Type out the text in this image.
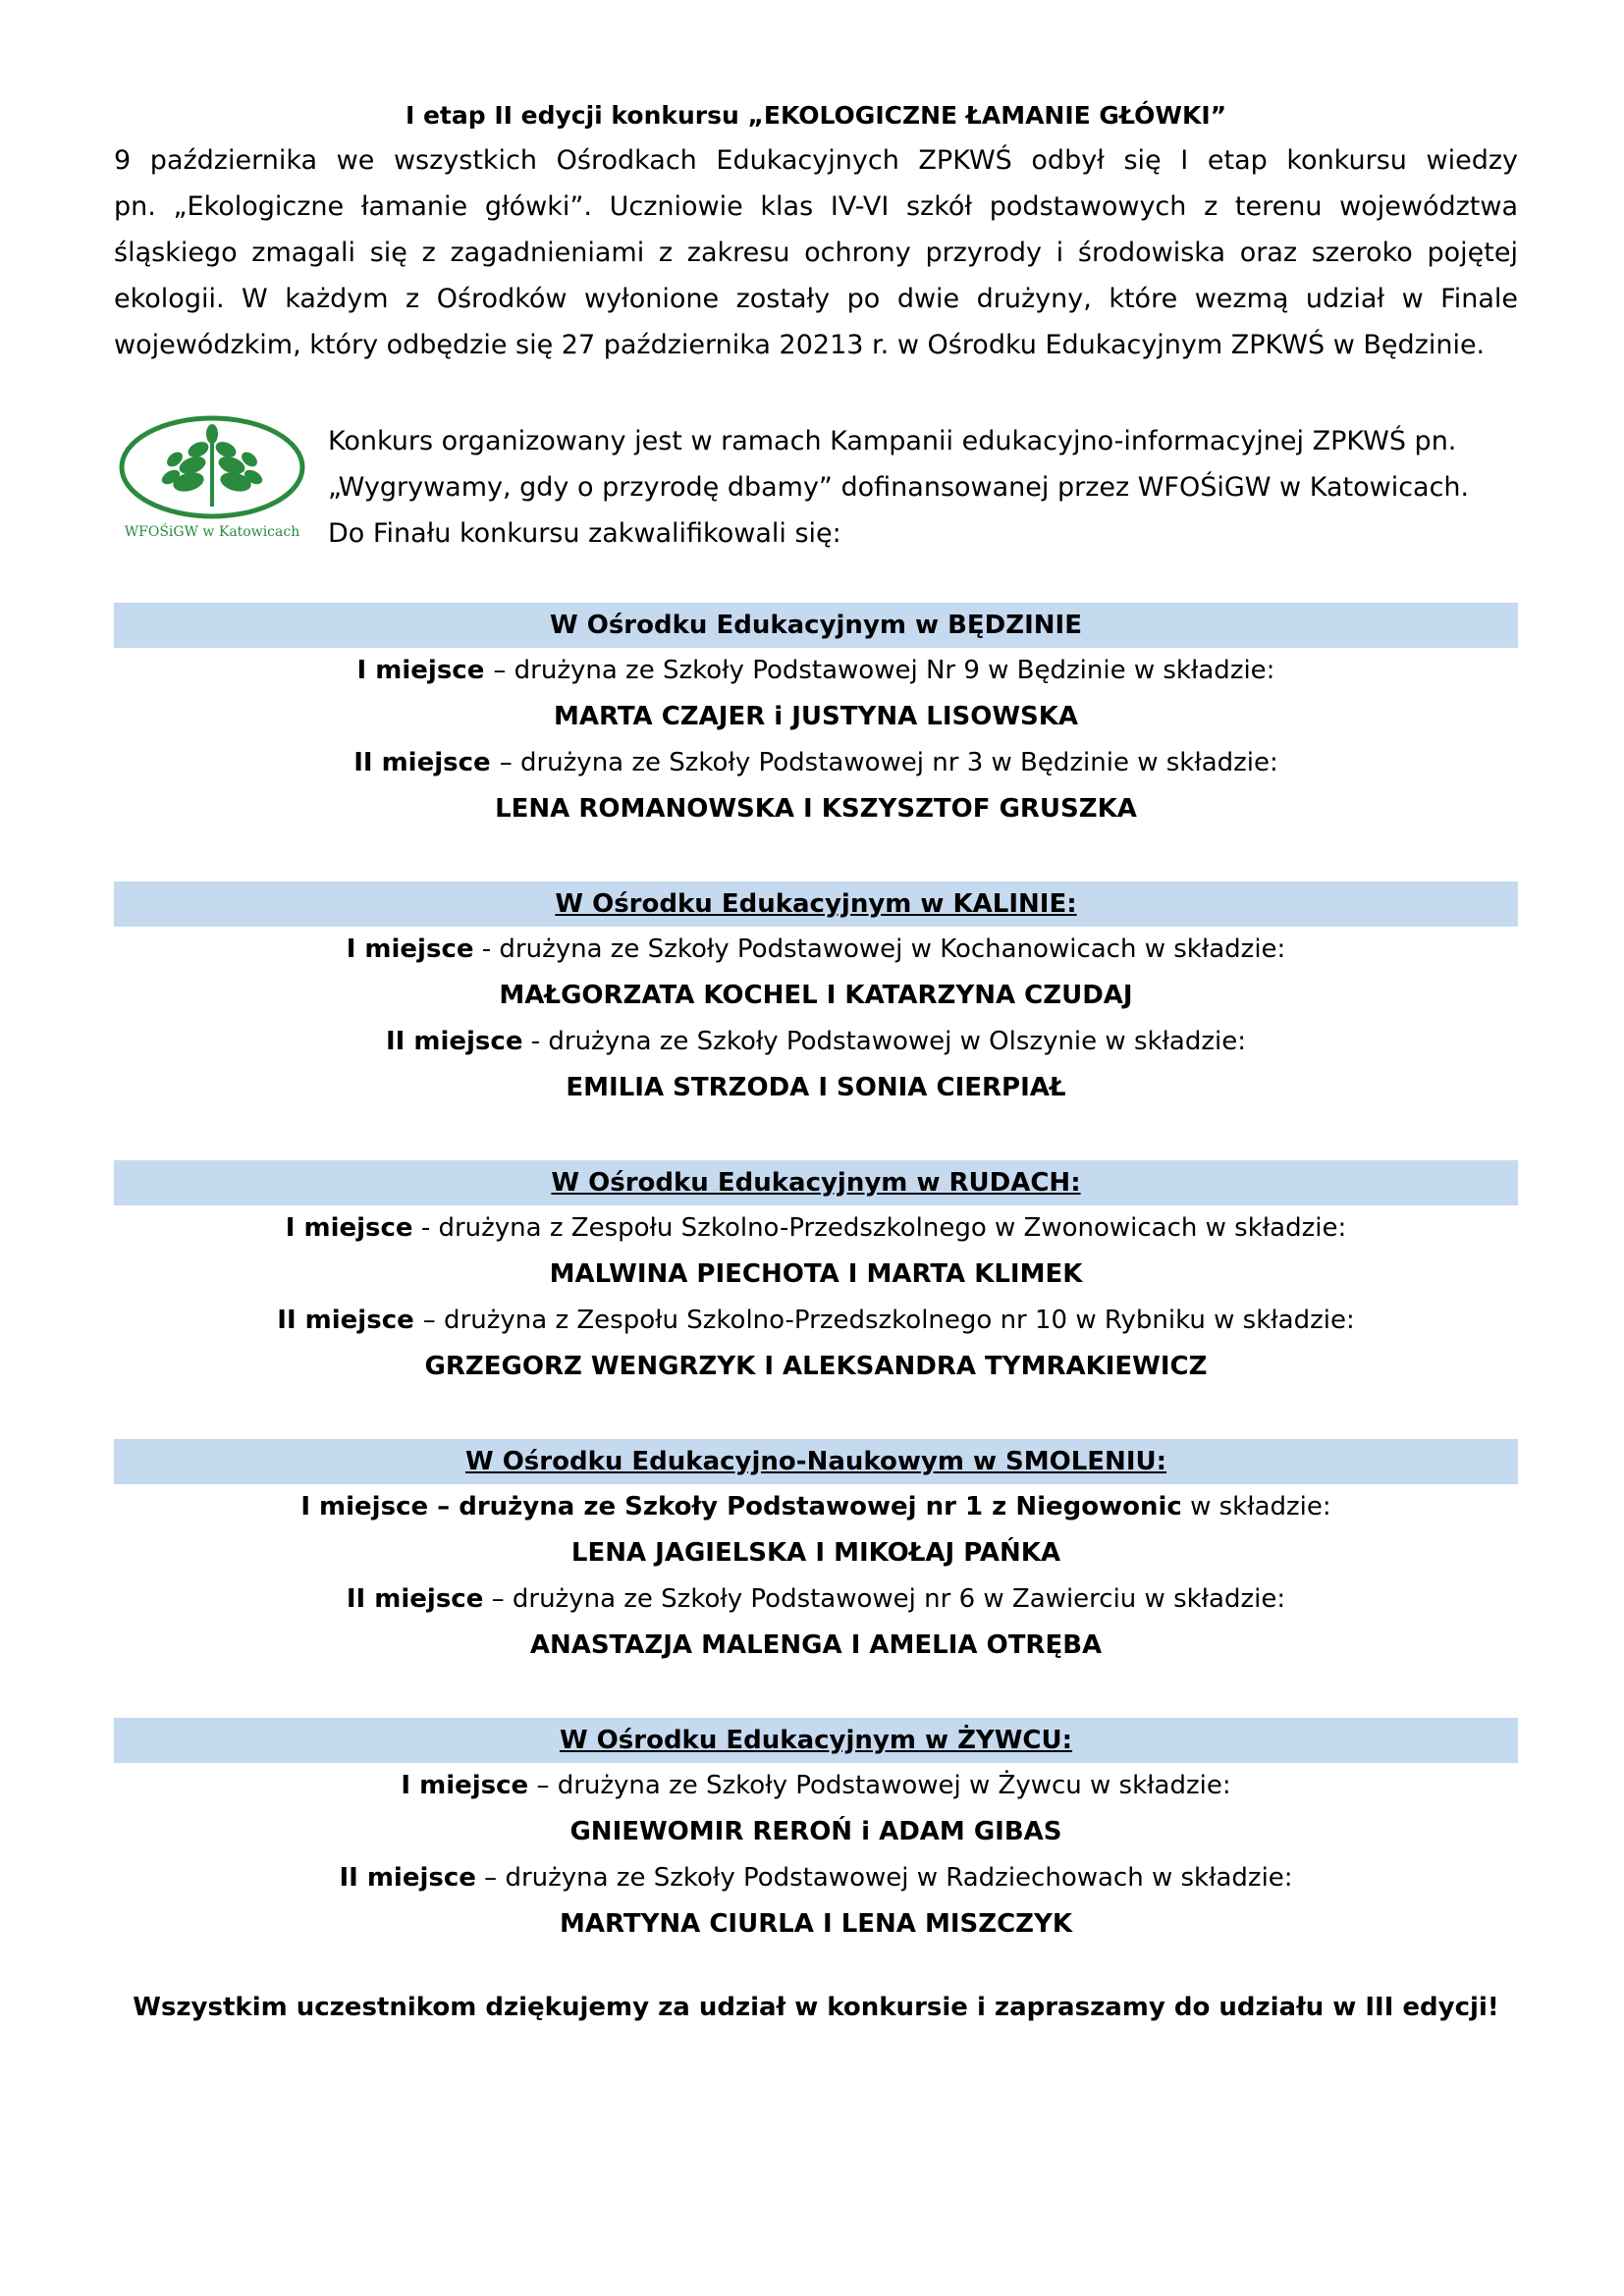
I etap II edycji konkursu „EKOLOGICZNE ŁAMANIE GŁÓWKI”
9 października we wszystkich Ośrodkach Edukacyjnych ZPKWŚ odbył się I etap konkursu wiedzy
pn. „Ekologiczne łamanie główki”. Uczniowie klas IV-VI szkół podstawowych z terenu województwa
śląskiego zmagali się z zagadnieniami z zakresu ochrony przyrody i środowiska oraz szeroko pojętej
ekologii. W każdym z Ośrodków wyłonione zostały po dwie drużyny, które wezmą udział w Finale
wojewódzkim, który odbędzie się 27 października 20213 r. w Ośrodku Edukacyjnym ZPKWŚ w Będzinie.
WFOŚiGW w Katowicach
Konkurs organizowany jest w ramach Kampanii edukacyjno-informacyjnej ZPKWŚ pn.
„Wygrywamy, gdy o przyrodę dbamy” dofinansowanej przez WFOŚiGW w Katowicach.
Do Finału konkursu zakwalifikowali się:
W Ośrodku Edukacyjnym w BĘDZINIE
I miejsce – drużyna ze Szkoły Podstawowej Nr 9 w Będzinie w składzie:
MARTA CZAJER i JUSTYNA LISOWSKA
II miejsce – drużyna ze Szkoły Podstawowej nr 3 w Będzinie w składzie:
LENA ROMANOWSKA I KSZYSZTOF GRUSZKA
W Ośrodku Edukacyjnym w KALINIE:
I miejsce - drużyna ze Szkoły Podstawowej w Kochanowicach w składzie:
MAŁGORZATA KOCHEL I KATARZYNA CZUDAJ
II miejsce - drużyna ze Szkoły Podstawowej w Olszynie w składzie:
EMILIA STRZODA I SONIA CIERPIAŁ
W Ośrodku Edukacyjnym w RUDACH:
I miejsce - drużyna z Zespołu Szkolno-Przedszkolnego w Zwonowicach w składzie:
MALWINA PIECHOTA I MARTA KLIMEK
II miejsce – drużyna z Zespołu Szkolno-Przedszkolnego nr 10 w Rybniku w składzie:
GRZEGORZ WENGRZYK I ALEKSANDRA TYMRAKIEWICZ
W Ośrodku Edukacyjno-Naukowym w SMOLENIU:
I miejsce – drużyna ze Szkoły Podstawowej nr 1 z Niegowonic w składzie:
LENA JAGIELSKA I MIKOŁAJ PAŃKA
II miejsce – drużyna ze Szkoły Podstawowej nr 6 w Zawierciu w składzie:
ANASTAZJA MALENGA I AMELIA OTRĘBA
W Ośrodku Edukacyjnym w ŻYWCU:
I miejsce – drużyna ze Szkoły Podstawowej w Żywcu w składzie:
GNIEWOMIR REROŃ i ADAM GIBAS
II miejsce – drużyna ze Szkoły Podstawowej w Radziechowach w składzie:
MARTYNA CIURLA I LENA MISZCZYK
Wszystkim uczestnikom dziękujemy za udział w konkursie i zapraszamy do udziału w III edycji!
